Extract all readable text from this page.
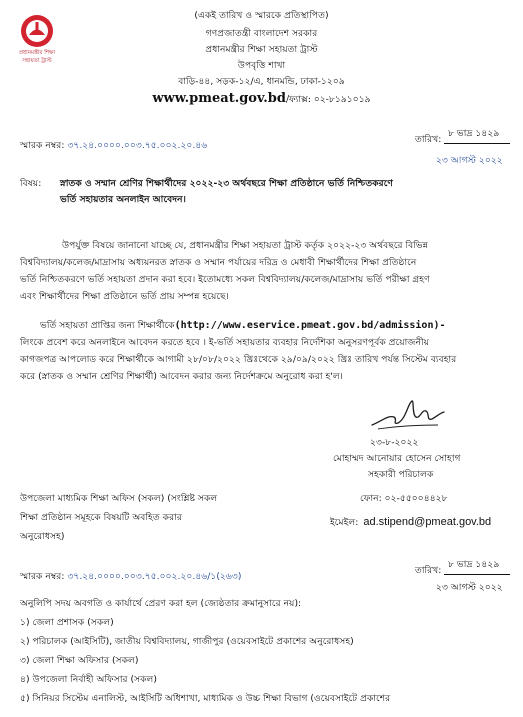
প্রধানমন্ত্রীর শিক্ষা সহায়তা ট্রাস্ট
(একই তারিখ ও স্মারকে প্রতিস্থাপিত)
গণপ্রজাতন্ত্রী বাংলাদেশ সরকার
প্রধানমন্ত্রীর শিক্ষা সহায়তা ট্রাস্ট
উপবৃত্তি শাখা
বাড়ি-৪৪, সড়ক-১২/এ, ধানমন্ডি, ঢাকা-১২০৯
www.pmeat.gov.bd/ফ্যাক্স: ০২-৮১৯১০১৯
স্মারক নম্বর: ৩৭.২৪.০০০০.০০৩.৭৫.০০২.২০.৪৬
তারিখ:
৮ ভাদ্র ১৪২৯
২৩ আগস্ট ২০২২
বিষয়: স্নাতক ও সম্মান শ্রেণির শিক্ষার্থীদের ২০২২-২৩ অর্থবছরে শিক্ষা প্রতিষ্ঠানে ভর্তি নিশ্চিতকরণে
ভর্তি সহায়তার অনলাইন আবেদন।
উপর্যুক্ত বিষয়ে জানানো যাচ্ছে যে, প্রধানমন্ত্রীর শিক্ষা সহায়তা ট্রাস্ট কর্তৃক ২০২২-২৩ অর্থবছরে বিভিন্ন
বিশ্ববিদ্যালয়/কলেজ/মাদ্রাসায় অধ্যয়নরত স্নাতক ও সম্মান পর্যায়ের দরিদ্র ও মেধাবী শিক্ষার্থীদের শিক্ষা প্রতিষ্ঠানে
ভর্তি নিশ্চিতকরণে ভর্তি সহায়তা প্রদান করা হবে। ইতোমধ্যে সকল বিশ্ববিদ্যালয়/কলেজ/মাদ্রাসায় ভর্তি পরীক্ষা গ্রহণ
এবং শিক্ষার্থীদের শিক্ষা প্রতিষ্ঠানে ভর্তি প্রায় সম্পন্ন হয়েছে।
ভর্তি সহায়তা প্রাপ্তির জন্য শিক্ষার্থীকে(http://www.eservice.pmeat.gov.bd/admission)-
লিংকে প্রবেশ করে অনলাইনে আবেদন করতে হবে । ই-ভর্তি সহায়তার ব্যবহার নির্দেশিকা অনুসরণপূর্বক প্রয়োজনীয়
কাগজপত্র আপলোড করে শিক্ষার্থীকে আগামী ২৮/০৮/২০২২ খ্রিঃথেকে ২৯/০৯/২০২২ খ্রিঃ তারিখ পর্যন্ত সিস্টেম ব্যবহার
করে (স্নাতক ও সম্মান শ্রেণির শিক্ষার্থী) আবেদন করার জন্য নির্দেশক্রমে অনুরোধ করা হ'ল।
২৩-৮-২০২২
মোহাম্মদ আনোয়ার হোসেন সোহাগ
সহকারী পরিচালক
ফোন: ০২-৫৫০০৪৪২৮
ইমেইল: ad.stipend@pmeat.gov.bd
উপজেলা মাধ্যমিক শিক্ষা অফিস (সকল) (সংশ্লিষ্ট সকল
শিক্ষা প্রতিষ্ঠান সমূহকে বিষয়টি অবহিত করার
অনুরোধসহ)
স্মারক নম্বর: ৩৭.২৪.০০০০.০০৩.৭৫.০০২.২০.৪৬/১(২৬৩)
তারিখ:
৮ ভাদ্র ১৪২৯
২৩ আগস্ট ২০২২
অনুলিপি সদয় অবগতি ও কার্যার্থে প্রেরণ করা হল (জ্যেষ্ঠতার ক্রমানুসারে নয়):
১) জেলা প্রশাসক (সকল)
২) পরিচালক (আইসিটি), জাতীয় বিশ্ববিদ্যালয়, গাজীপুর (ওয়েবসাইটে প্রকাশের অনুরোধসহ)
৩) জেলা শিক্ষা অফিসার (সকল)
৪) উপজেলা নির্বাহী অফিসার (সকল)
৫) সিনিয়র সিস্টেম এনালিস্ট, আইসিটি অধিশাখা, মাধ্যমিক ও উচ্চ শিক্ষা বিভাগ (ওয়েবসাইটে প্রকাশের
